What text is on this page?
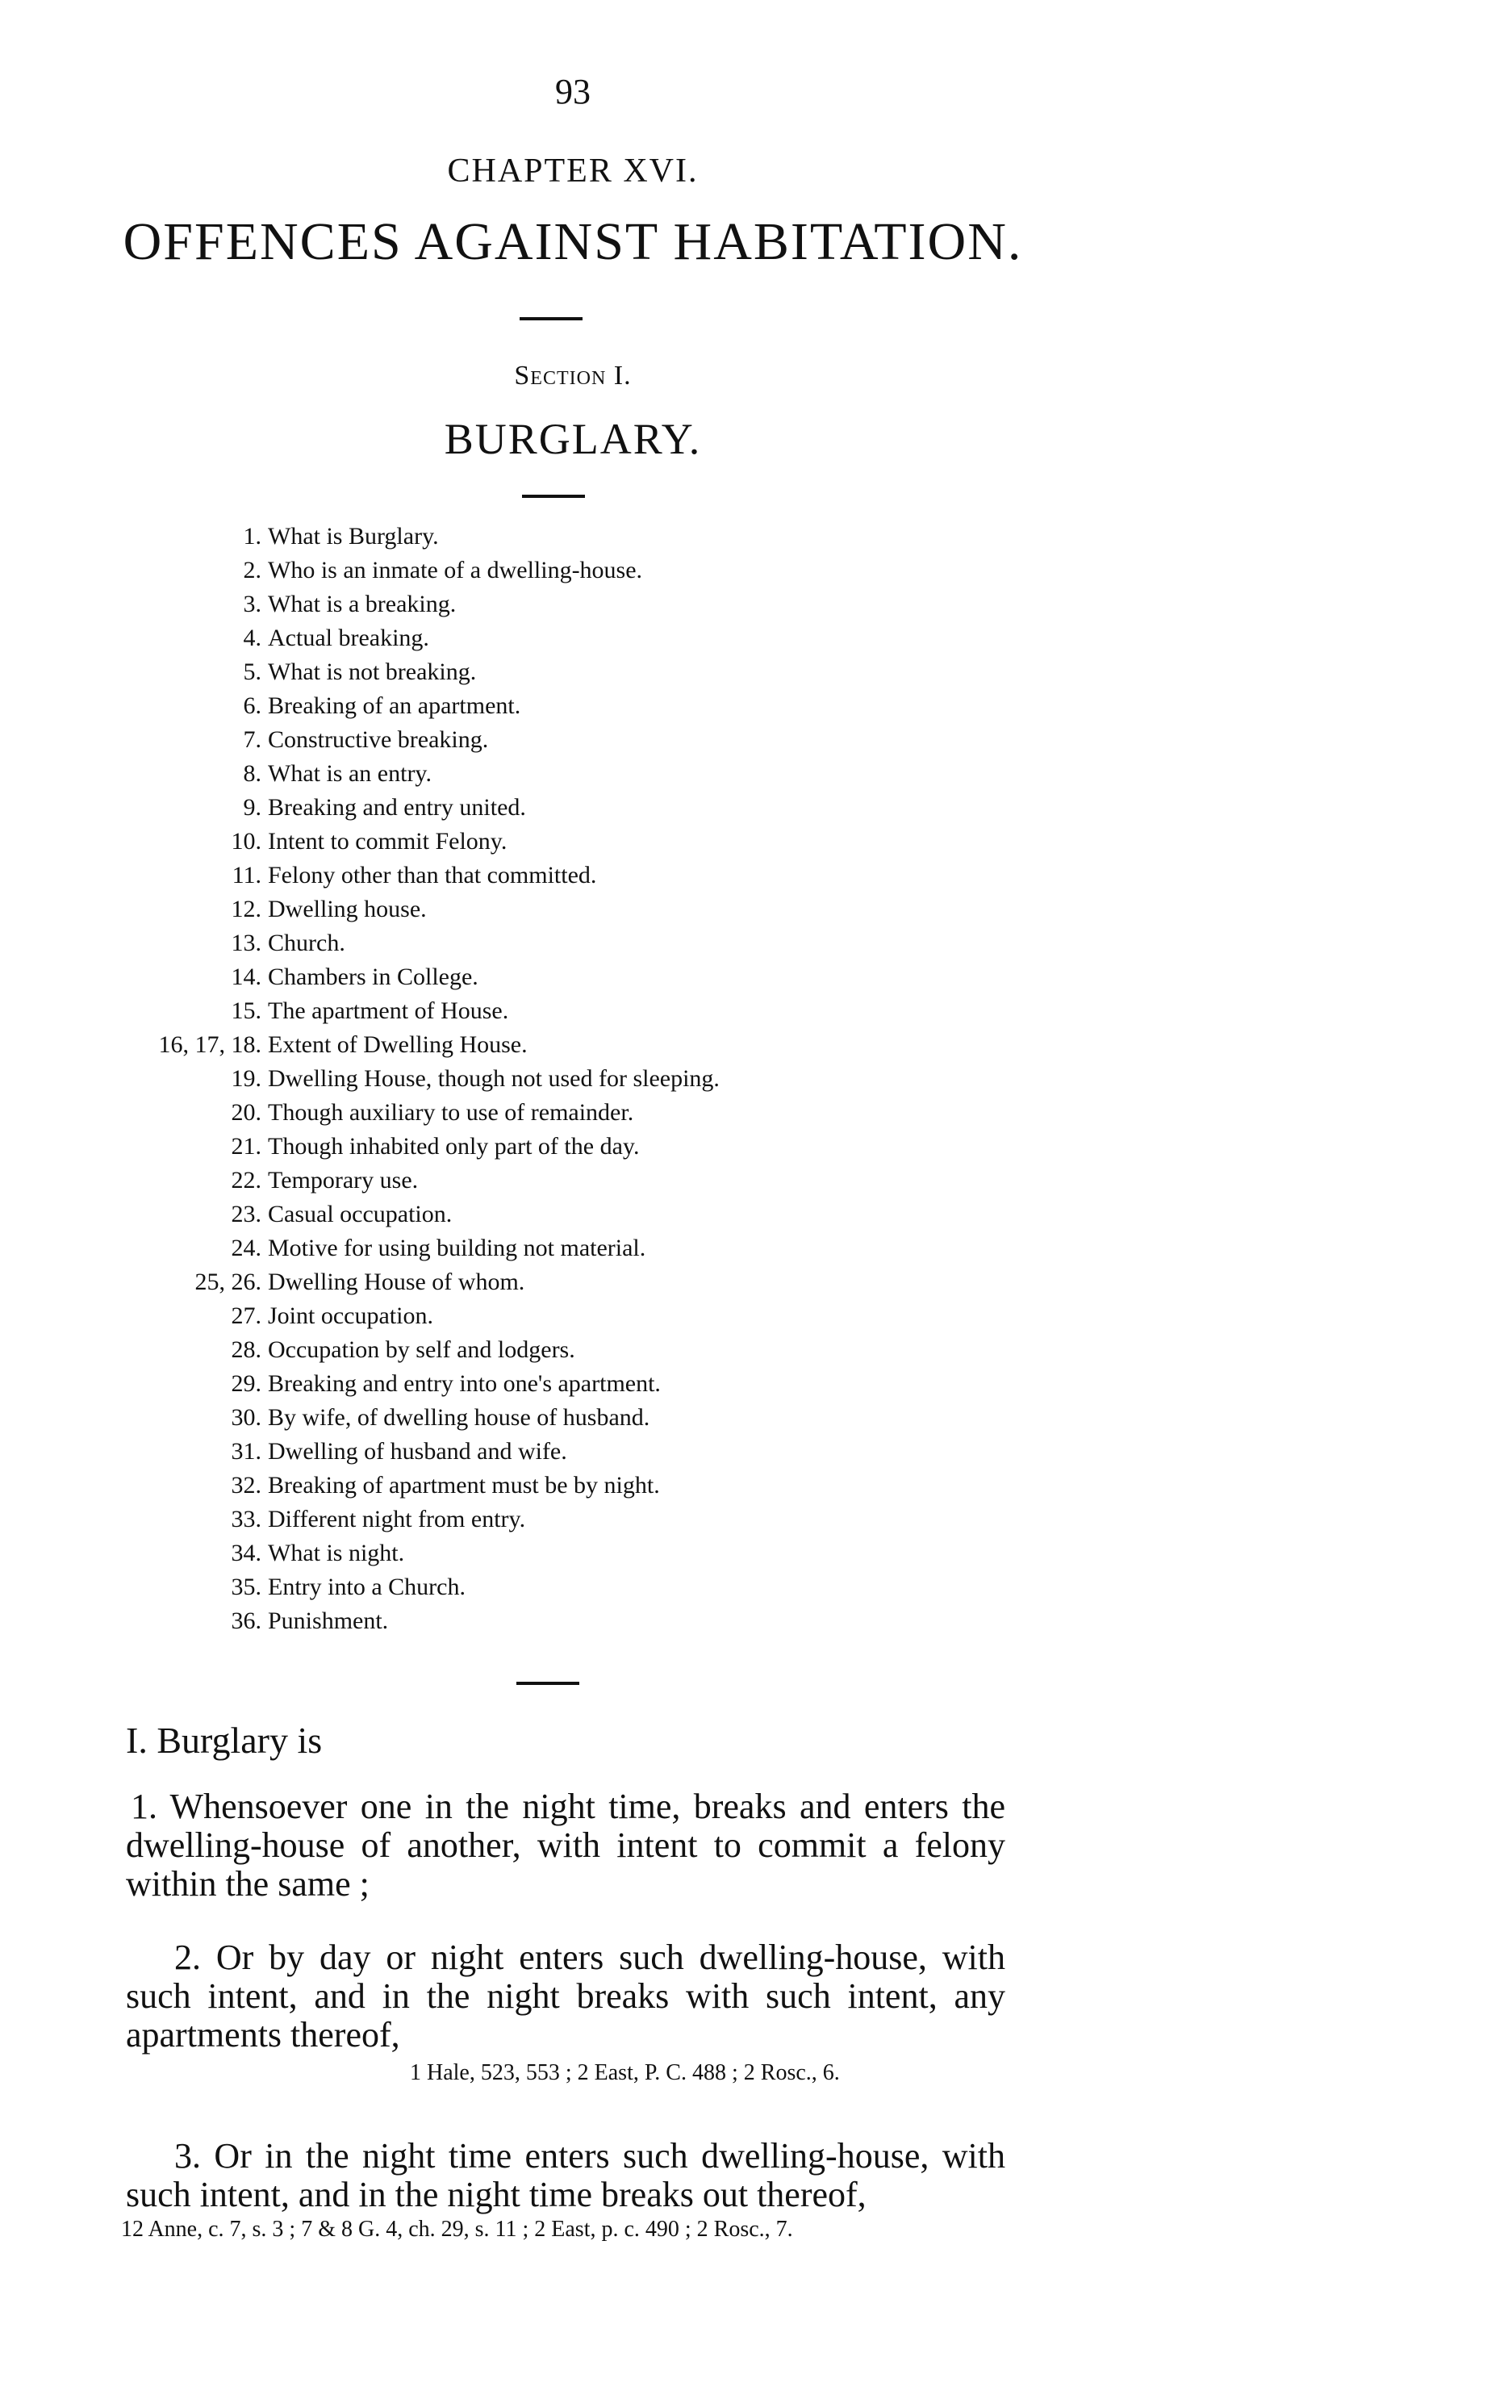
93
CHAPTER XVI.
OFFENCES AGAINST HABITATION.
Section I.
BURGLARY.
1. What is Burglary.
2. Who is an inmate of a dwelling-house.
3. What is a breaking.
4. Actual breaking.
5. What is not breaking.
6. Breaking of an apartment.
7. Constructive breaking.
8. What is an entry.
9. Breaking and entry united.
10. Intent to commit Felony.
11. Felony other than that committed.
12. Dwelling house.
13. Church.
14. Chambers in College.
15. The apartment of House.
16, 17, 18. Extent of Dwelling House.
19. Dwelling House, though not used for sleeping.
20. Though auxiliary to use of remainder.
21. Though inhabited only part of the day.
22. Temporary use.
23. Casual occupation.
24. Motive for using building not material.
25, 26. Dwelling House of whom.
27. Joint occupation.
28. Occupation by self and lodgers.
29. Breaking and entry into one's apartment.
30. By wife, of dwelling house of husband.
31. Dwelling of husband and wife.
32. Breaking of apartment must be by night.
33. Different night from entry.
34. What is night.
35. Entry into a Church.
36. Punishment.

I. Burglary is

1. Whensoever one in the night time, breaks and enters the dwelling-house of another, with intent to commit a felony within the same ;

2. Or by day or night enters such dwelling-house, with such intent, and in the night breaks with such intent, any apartments thereof,

1 Hale, 523, 553 ; 2 East, P. C. 488 ; 2 Rosc., 6.

3. Or in the night time enters such dwelling-house, with such intent, and in the night time breaks out thereof,

12 Anne, c. 7, s. 3 ; 7 & 8 G. 4, ch. 29, s. 11 ; 2 East, p. c. 490 ; 2 Rosc., 7.
